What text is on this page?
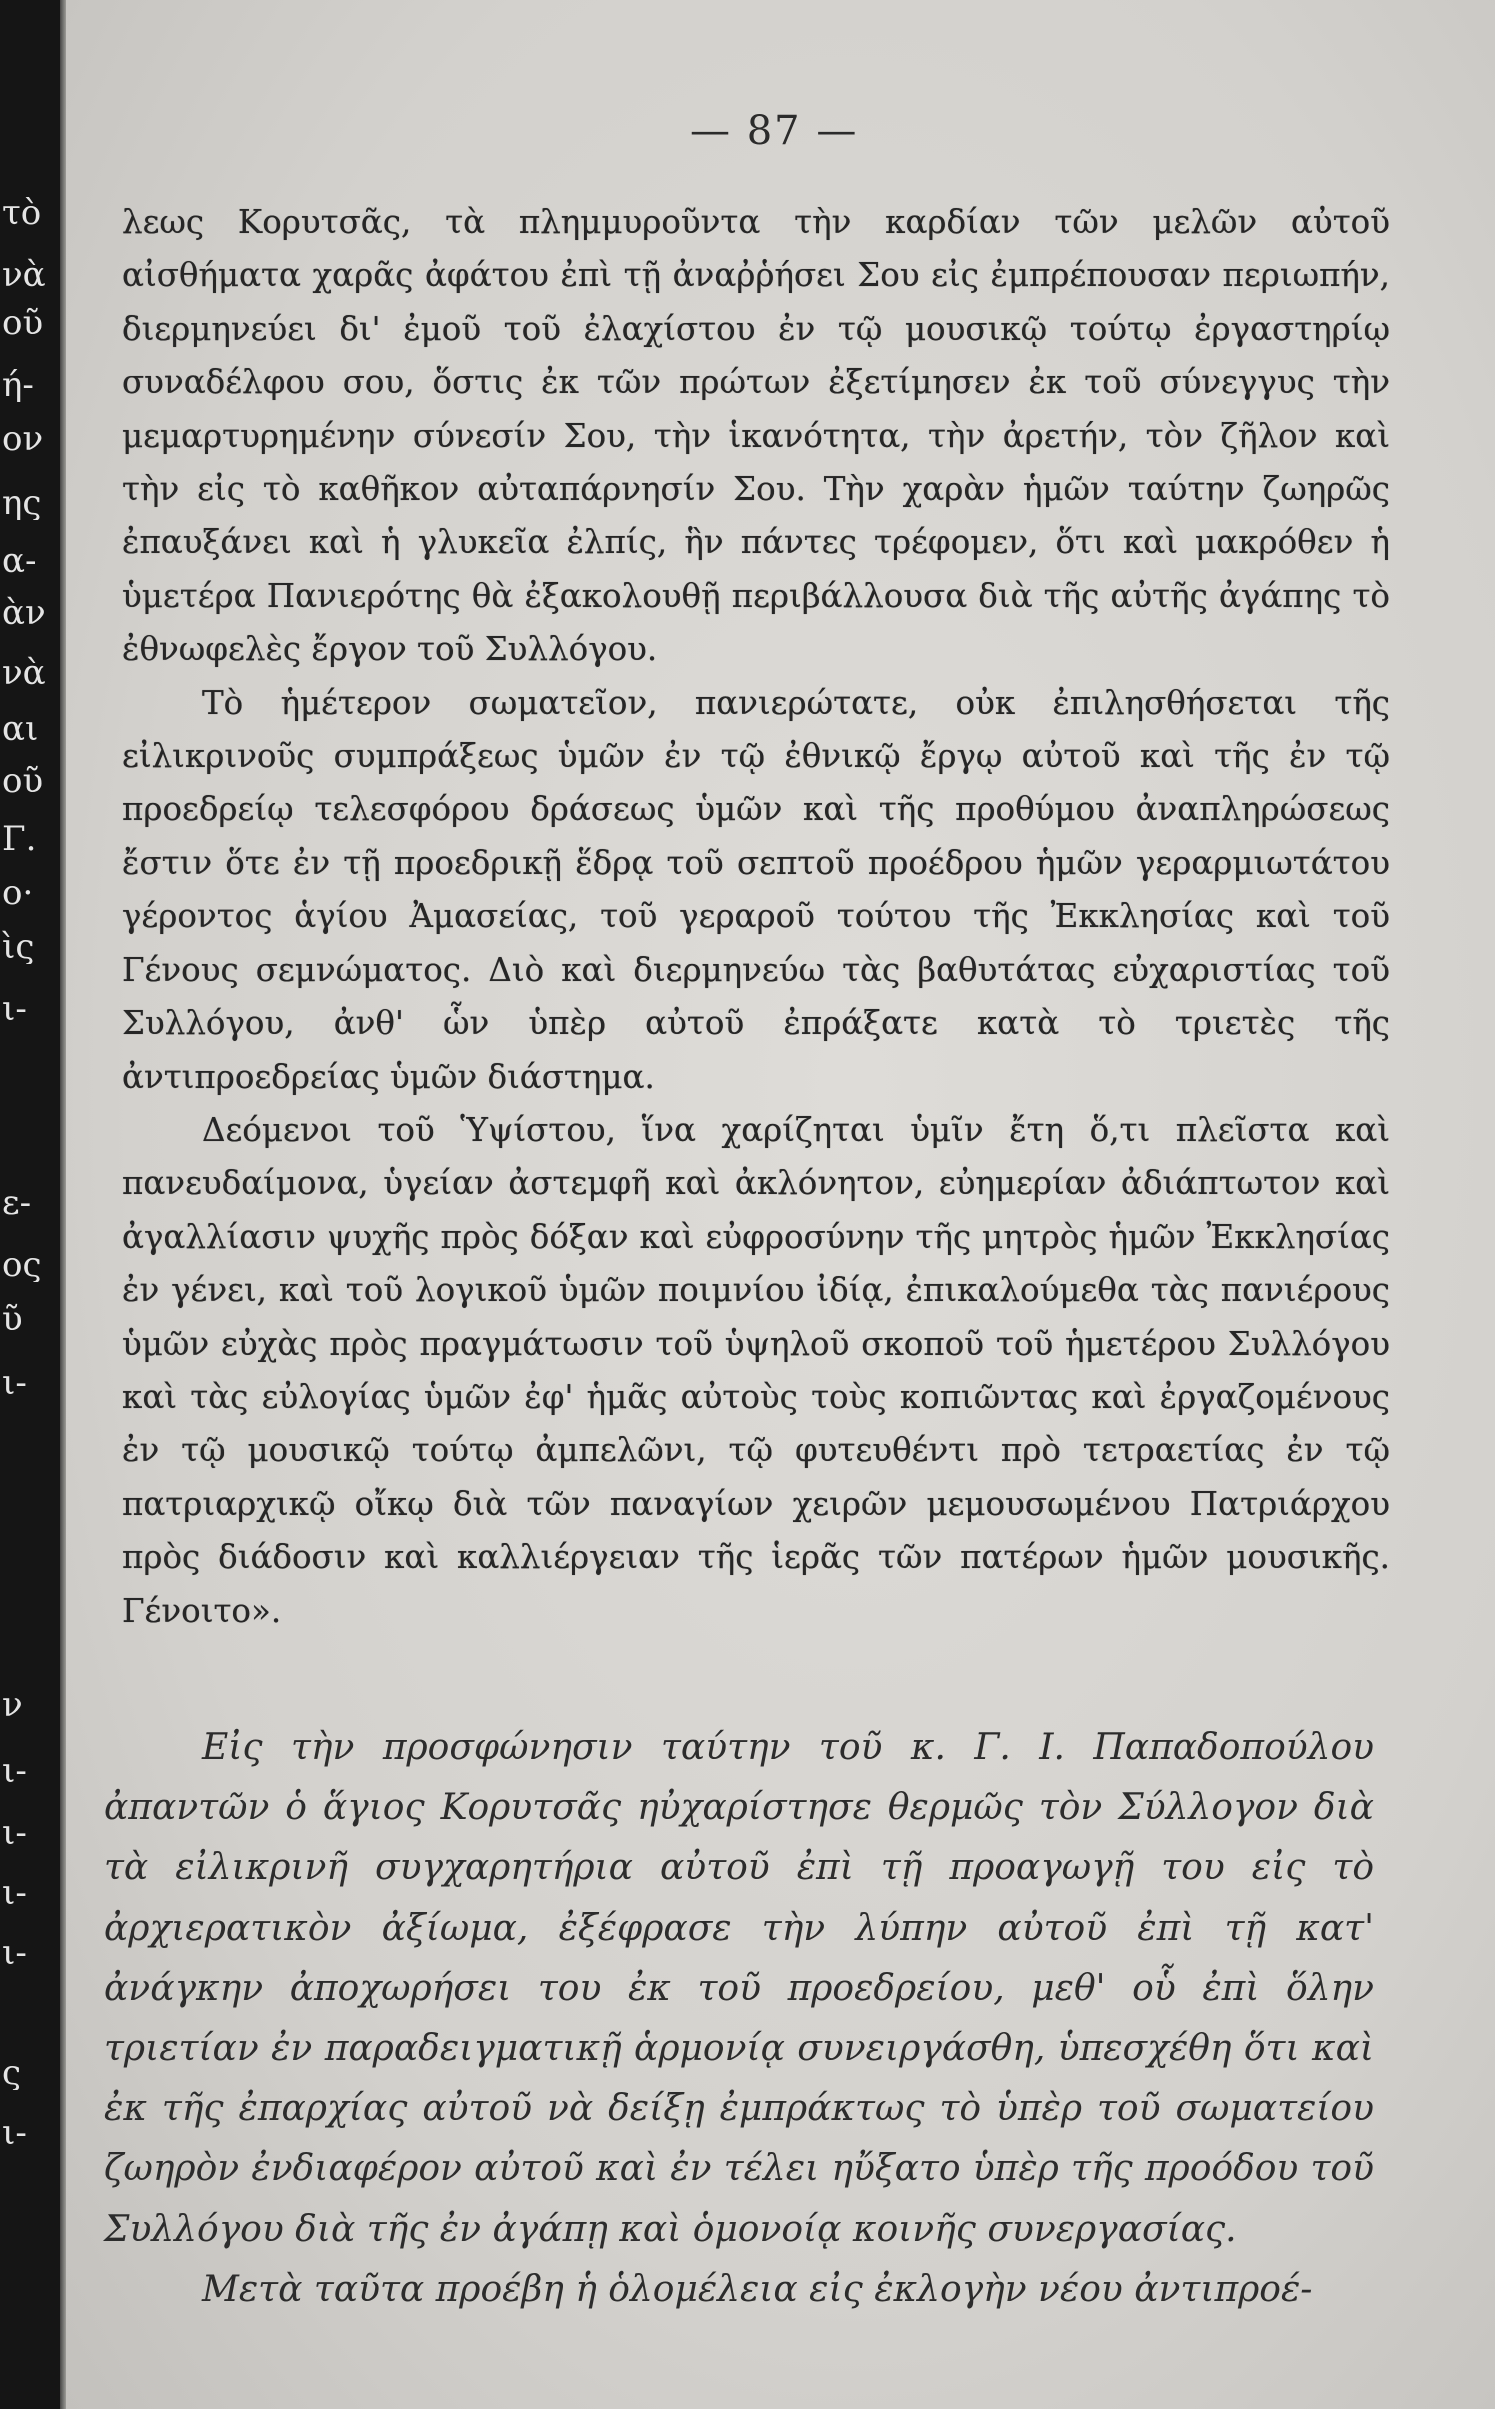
τὸ
νὰ
οῦ
ή-
ον
ης
α-
ὰν
νὰ
αι
οῦ
Γ.
ο·
ὶς
ι-
ε-
ος
ῦ
ι-
ν
ι-
ι-
ι-
ι-
ς
ι-
— 87 —

λεως Κορυτσᾶς, τὰ πλημμυροῦντα τὴν καρδίαν τῶν μελῶν αὐτοῦ αἰσθήματα χαρᾶς ἀφάτου ἐπὶ τῇ ἀναῤῥήσει Σου εἰς ἐμπρέπουσαν περιωπήν, διερμηνεύει δι' ἐμοῦ τοῦ ἐλαχίστου ἐν τῷ μουσικῷ τούτῳ ἐργαστηρίῳ συναδέλφου σου, ὅστις ἐκ τῶν πρώτων ἐξετίμησεν ἐκ τοῦ σύνεγγυς τὴν μεμαρτυρημένην σύνεσίν Σου, τὴν ἱκανότητα, τὴν ἀρετήν, τὸν ζῆλον καὶ τὴν εἰς τὸ καθῆκον αὐταπάρνησίν Σου. Τὴν χαρὰν ἡμῶν ταύτην ζωηρῶς ἐπαυξάνει καὶ ἡ γλυκεῖα ἐλπίς, ἣν πάντες τρέφομεν, ὅτι καὶ μακρόθεν ἡ ὑμετέρα Πανιερότης θὰ ἐξακολουθῇ περιβάλλουσα διὰ τῆς αὐτῆς ἀγάπης τὸ ἐθνωφελὲς ἔργον τοῦ Συλλόγου.

Τὸ ἡμέτερον σωματεῖον, πανιερώτατε, οὐκ ἐπιλησθήσεται τῆς εἰλικρινοῦς συμπράξεως ὑμῶν ἐν τῷ ἐθνικῷ ἔργῳ αὐτοῦ καὶ τῆς ἐν τῷ προεδρείῳ τελεσφόρου δράσεως ὑμῶν καὶ τῆς προθύμου ἀναπληρώσεως ἔστιν ὅτε ἐν τῇ προεδρικῇ ἕδρᾳ τοῦ σεπτοῦ προέδρου ἡμῶν γεραρμιωτάτου γέροντος ἁγίου Ἀμασείας, τοῦ γεραροῦ τούτου τῆς Ἐκκλησίας καὶ τοῦ Γένους σεμνώματος. Διὸ καὶ διερμηνεύω τὰς βαθυτάτας εὐχαριστίας τοῦ Συλλόγου, ἀνθ' ὧν ὑπὲρ αὐτοῦ ἐπράξατε κατὰ τὸ τριετὲς τῆς ἀντιπροεδρείας ὑμῶν διάστημα.

Δεόμενοι τοῦ Ὑψίστου, ἵνα χαρίζηται ὑμῖν ἔτη ὅ,τι πλεῖστα καὶ πανευδαίμονα, ὑγείαν ἀστεμφῆ καὶ ἀκλόνητον, εὐημερίαν ἀδιάπτωτον καὶ ἀγαλλίασιν ψυχῆς πρὸς δόξαν καὶ εὐφροσύνην τῆς μητρὸς ἡμῶν Ἐκκλησίας ἐν γένει, καὶ τοῦ λογικοῦ ὑμῶν ποιμνίου ἰδίᾳ, ἐπικαλούμεθα τὰς πανιέρους ὑμῶν εὐχὰς πρὸς πραγμάτωσιν τοῦ ὑψηλοῦ σκοποῦ τοῦ ἡμετέρου Συλλόγου καὶ τὰς εὐλογίας ὑμῶν ἐφ' ἡμᾶς αὐτοὺς τοὺς κοπιῶντας καὶ ἐργαζομένους ἐν τῷ μουσικῷ τούτῳ ἀμπελῶνι, τῷ φυτευθέντι πρὸ τετραετίας ἐν τῷ πατριαρχικῷ οἴκῳ διὰ τῶν παναγίων χειρῶν μεμουσωμένου Πατριάρχου πρὸς διάδοσιν καὶ καλλιέργειαν τῆς ἱερᾶς τῶν πατέρων ἡμῶν μουσικῆς. Γένοιτο».

Εἰς τὴν προσφώνησιν ταύτην τοῦ κ. Γ. Ι. Παπαδοπούλου ἀπαντῶν ὁ ἅγιος Κορυτσᾶς ηὐχαρίστησε θερμῶς τὸν Σύλλογον διὰ τὰ εἰλικρινῆ συγχαρητήρια αὐτοῦ ἐπὶ τῇ προαγωγῇ του εἰς τὸ ἀρχιερατικὸν ἀξίωμα, ἐξέφρασε τὴν λύπην αὐτοῦ ἐπὶ τῇ κατ' ἀνάγκην ἀποχωρήσει του ἐκ τοῦ προεδρείου, μεθ' οὗ ἐπὶ ὅλην τριετίαν ἐν παραδειγματικῇ ἁρμονίᾳ συνειργάσθη, ὑπεσχέθη ὅτι καὶ ἐκ τῆς ἐπαρχίας αὐτοῦ νὰ δείξῃ ἐμπράκτως τὸ ὑπὲρ τοῦ σωματείου ζωηρὸν ἐνδιαφέρον αὐτοῦ καὶ ἐν τέλει ηὔξατο ὑπὲρ τῆς προόδου τοῦ Συλλόγου διὰ τῆς ἐν ἀγάπῃ καὶ ὁμονοίᾳ κοινῆς συνεργασίας.

Μετὰ ταῦτα προέβη ἡ ὁλομέλεια εἰς ἐκλογὴν νέου ἀντιπροέ-
